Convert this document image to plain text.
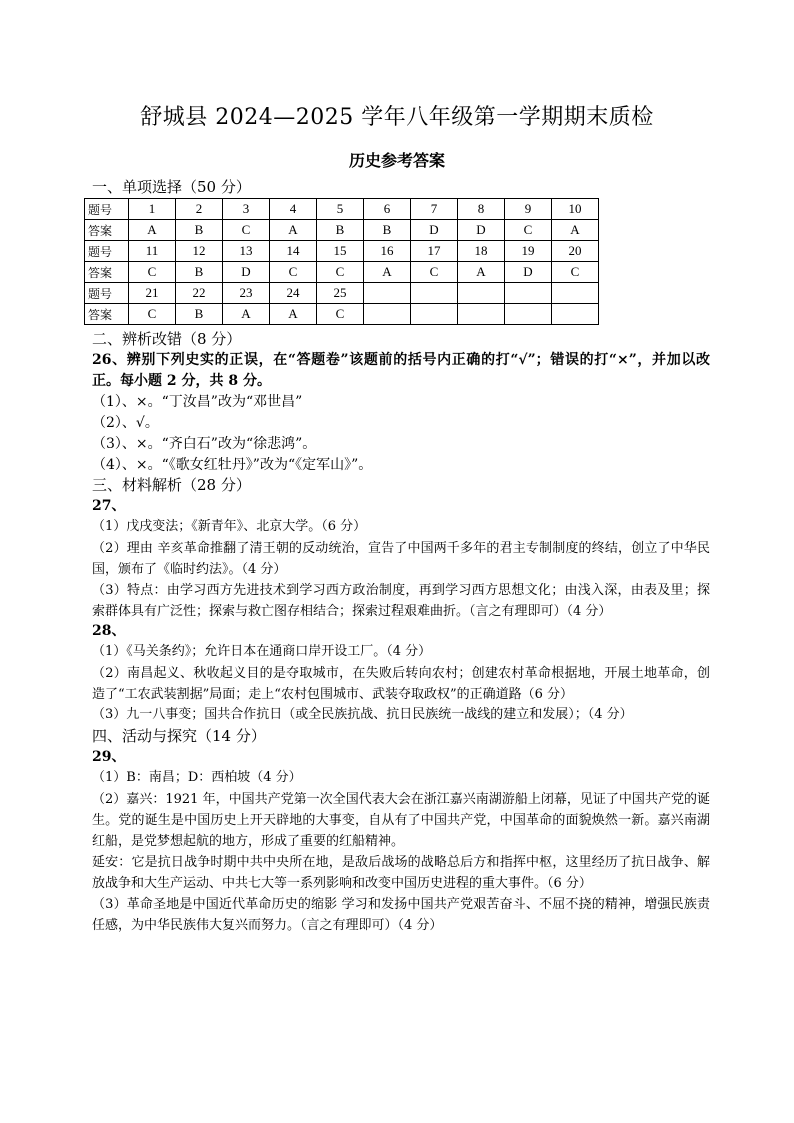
舒城县 2024—2025 学年八年级第一学期期末质检
历史参考答案
一、单项选择（50 分）
题号	1	2	3	4	5	6	7	8	9	10
答案	A	B	C	A	B	B	D	D	C	A
题号	11	12	13	14	15	16	17	18	19	20
答案	C	B	D	C	C	A	C	A	D	C
题号	21	22	23	24	25					
答案	C	B	A	A	C					
二、辨析改错（8 分）
26、辨别下列史实的正误，在“答题卷”该题前的括号内正确的打“√”；错误的打“×”，并加以改正。每小题 2 分，共 8 分。
（1）、×。“丁汝昌”改为“邓世昌”
（2）、√。
（3）、×。“齐白石”改为“徐悲鸿”。
（4）、×。“《歌女红牡丹》”改为“《定军山》”。
三、材料解析（28 分）
27、
（1）戊戌变法；《新青年》、北京大学。（6 分）
（2）理由 辛亥革命推翻了清王朝的反动统治，宣告了中国两千多年的君主专制制度的终结，创立了中华民国，颁布了《临时约法》。（4 分）
（3）特点：由学习西方先进技术到学习西方政治制度，再到学习西方思想文化；由浅入深，由表及里；探索群体具有广泛性；探索与救亡图存相结合；探索过程艰难曲折。（言之有理即可）（4 分）
28、
（1）《马关条约》；允许日本在通商口岸开设工厂。（4 分）
（2）南昌起义、秋收起义目的是夺取城市，在失败后转向农村；创建农村革命根据地，开展土地革命，创造了“工农武装割据”局面；走上“农村包围城市、武装夺取政权”的正确道路（6 分）
（3）九一八事变；国共合作抗日（或全民族抗战、抗日民族统一战线的建立和发展）；（4 分）
四、活动与探究（14 分）
29、
（1）B：南昌；D：西柏坡（4 分）
（2）嘉兴：1921 年，中国共产党第一次全国代表大会在浙江嘉兴南湖游船上闭幕，见证了中国共产党的诞生。党的诞生是中国历史上开天辟地的大事变，自从有了中国共产党，中国革命的面貌焕然一新。嘉兴南湖红船，是党梦想起航的地方，形成了重要的红船精神。
延安：它是抗日战争时期中共中央所在地，是敌后战场的战略总后方和指挥中枢，这里经历了抗日战争、解放战争和大生产运动、中共七大等一系列影响和改变中国历史进程的重大事件。（6 分）
（3）革命圣地是中国近代革命历史的缩影 学习和发扬中国共产党艰苦奋斗、不屈不挠的精神，增强民族责任感，为中华民族伟大复兴而努力。（言之有理即可）（4 分）
